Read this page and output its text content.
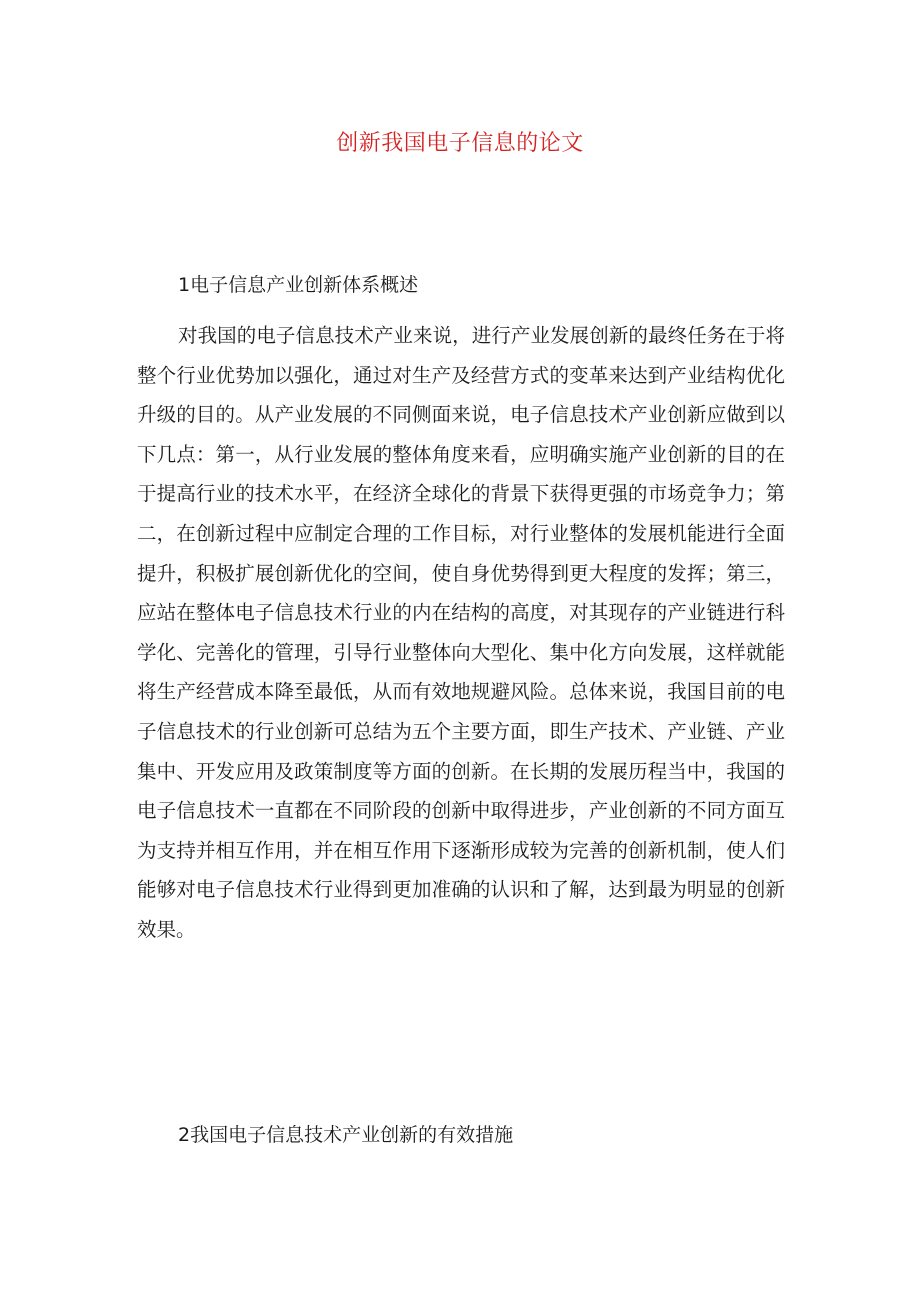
创新我国电子信息的论文
1电子信息产业创新体系概述

对我国的电子信息技术产业来说，进行产业发展创新的最终任务在于将整个行业优势加以强化，通过对生产及经营方式的变革来达到产业结构优化升级的目的。从产业发展的不同侧面来说，电子信息技术产业创新应做到以下几点：第一，从行业发展的整体角度来看，应明确实施产业创新的目的在于提高行业的技术水平，在经济全球化的背景下获得更强的市场竞争力；第二，在创新过程中应制定合理的工作目标，对行业整体的发展机能进行全面提升，积极扩展创新优化的空间，使自身优势得到更大程度的发挥；第三，应站在整体电子信息技术行业的内在结构的高度，对其现存的产业链进行科学化、完善化的管理，引导行业整体向大型化、集中化方向发展，这样就能将生产经营成本降至最低，从而有效地规避风险。总体来说，我国目前的电子信息技术的行业创新可总结为五个主要方面，即生产技术、产业链、产业集中、开发应用及政策制度等方面的创新。在长期的发展历程当中，我国的电子信息技术一直都在不同阶段的创新中取得进步，产业创新的不同方面互为支持并相互作用，并在相互作用下逐渐形成较为完善的创新机制，使人们能够对电子信息技术行业得到更加准确的认识和了解，达到最为明显的创新效果。

2我国电子信息技术产业创新的有效措施
